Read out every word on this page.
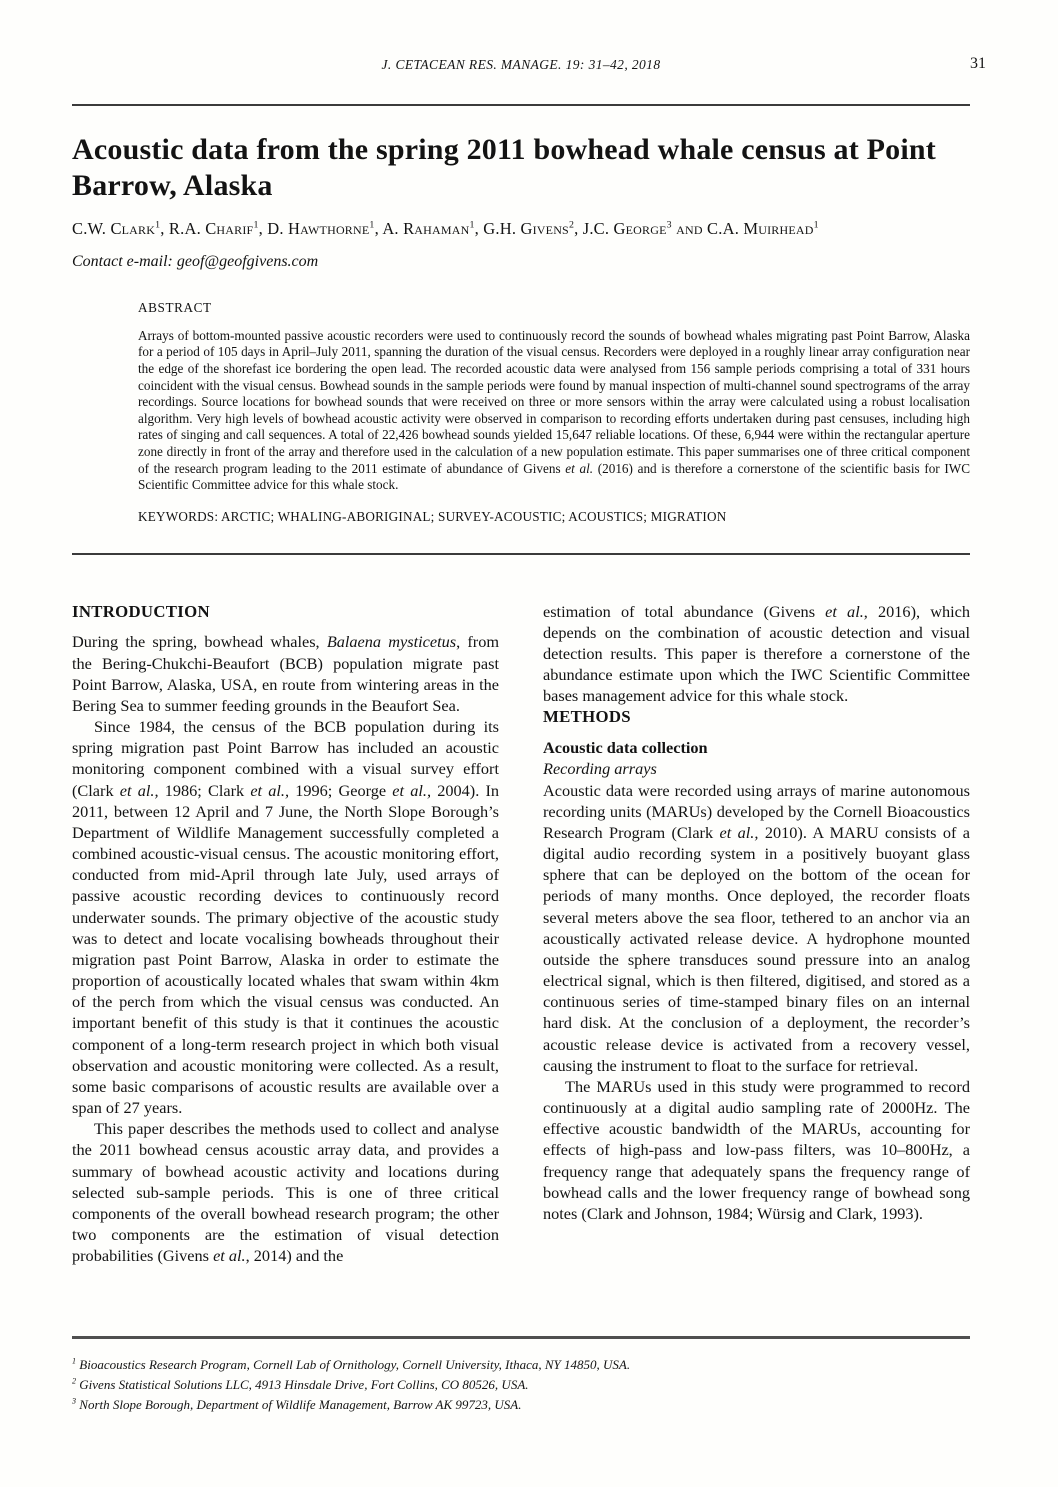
J. CETACEAN RES. MANAGE. 19: 31–42, 2018	31
Acoustic data from the spring 2011 bowhead whale census at Point Barrow, Alaska
C.W. Clark$^1$, R.A. Charif$^1$, D. Hawthorne$^1$, A. Rahaman$^1$, G.H. Givens$^2$, J.C. George$^3$ and C.A. Muirhead$^1$
Contact e-mail: geof@geofgivens.com
ABSTRACT
Arrays of bottom-mounted passive acoustic recorders were used to continuously record the sounds of bowhead whales migrating past Point Barrow, Alaska for a period of 105 days in April–July 2011, spanning the duration of the visual census. Recorders were deployed in a roughly linear array configuration near the edge of the shorefast ice bordering the open lead. The recorded acoustic data were analysed from 156 sample periods comprising a total of 331 hours coincident with the visual census. Bowhead sounds in the sample periods were found by manual inspection of multi-channel sound spectrograms of the array recordings. Source locations for bowhead sounds that were received on three or more sensors within the array were calculated using a robust localisation algorithm. Very high levels of bowhead acoustic activity were observed in comparison to recording efforts undertaken during past censuses, including high rates of singing and call sequences. A total of 22,426 bowhead sounds yielded 15,647 reliable locations. Of these, 6,944 were within the rectangular aperture zone directly in front of the array and therefore used in the calculation of a new population estimate. This paper summarises one of three critical component of the research program leading to the 2011 estimate of abundance of Givens et al. (2016) and is therefore a cornerstone of the scientific basis for IWC Scientific Committee advice for this whale stock.
KEYWORDS: ARCTIC; WHALING-ABORIGINAL; SURVEY-ACOUSTIC; ACOUSTICS; MIGRATION
INTRODUCTION

During the spring, bowhead whales, Balaena mysticetus, from the Bering-Chukchi-Beaufort (BCB) population migrate past Point Barrow, Alaska, USA, en route from wintering areas in the Bering Sea to summer feeding grounds in the Beaufort Sea.

Since 1984, the census of the BCB population during its spring migration past Point Barrow has included an acoustic monitoring component combined with a visual survey effort (Clark et al., 1986; Clark et al., 1996; George et al., 2004). In 2011, between 12 April and 7 June, the North Slope Borough’s Department of Wildlife Management successfully completed a combined acoustic-visual census. The acoustic monitoring effort, conducted from mid-April through late July, used arrays of passive acoustic recording devices to continuously record underwater sounds. The primary objective of the acoustic study was to detect and locate vocalising bowheads throughout their migration past Point Barrow, Alaska in order to estimate the proportion of acoustically located whales that swam within 4km of the perch from which the visual census was conducted. An important benefit of this study is that it continues the acoustic component of a long-term research project in which both visual observation and acoustic monitoring were collected. As a result, some basic comparisons of acoustic results are available over a span of 27 years.

This paper describes the methods used to collect and analyse the 2011 bowhead census acoustic array data, and provides a summary of bowhead acoustic activity and locations during selected sub-sample periods. This is one of three critical components of the overall bowhead research program; the other two components are the estimation of visual detection probabilities (Givens et al., 2014) and the

estimation of total abundance (Givens et al., 2016), which depends on the combination of acoustic detection and visual detection results. This paper is therefore a cornerstone of the abundance estimate upon which the IWC Scientific Committee bases management advice for this whale stock.

METHODS
Acoustic data collection
Recording arrays

Acoustic data were recorded using arrays of marine autonomous recording units (MARUs) developed by the Cornell Bioacoustics Research Program (Clark et al., 2010). A MARU consists of a digital audio recording system in a positively buoyant glass sphere that can be deployed on the bottom of the ocean for periods of many months. Once deployed, the recorder floats several meters above the sea floor, tethered to an anchor via an acoustically activated release device. A hydrophone mounted outside the sphere transduces sound pressure into an analog electrical signal, which is then filtered, digitised, and stored as a continuous series of time-stamped binary files on an internal hard disk. At the conclusion of a deployment, the recorder’s acoustic release device is activated from a recovery vessel, causing the instrument to float to the surface for retrieval.

The MARUs used in this study were programmed to record continuously at a digital audio sampling rate of 2000Hz. The effective acoustic bandwidth of the MARUs, accounting for effects of high-pass and low-pass filters, was 10–800Hz, a frequency range that adequately spans the frequency range of bowhead calls and the lower frequency range of bowhead song notes (Clark and Johnson, 1984; Würsig and Clark, 1993).

$^1$ Bioacoustics Research Program, Cornell Lab of Ornithology, Cornell University, Ithaca, NY 14850, USA.
$^2$ Givens Statistical Solutions LLC, 4913 Hinsdale Drive, Fort Collins, CO 80526, USA.
$^3$ North Slope Borough, Department of Wildlife Management, Barrow AK 99723, USA.
